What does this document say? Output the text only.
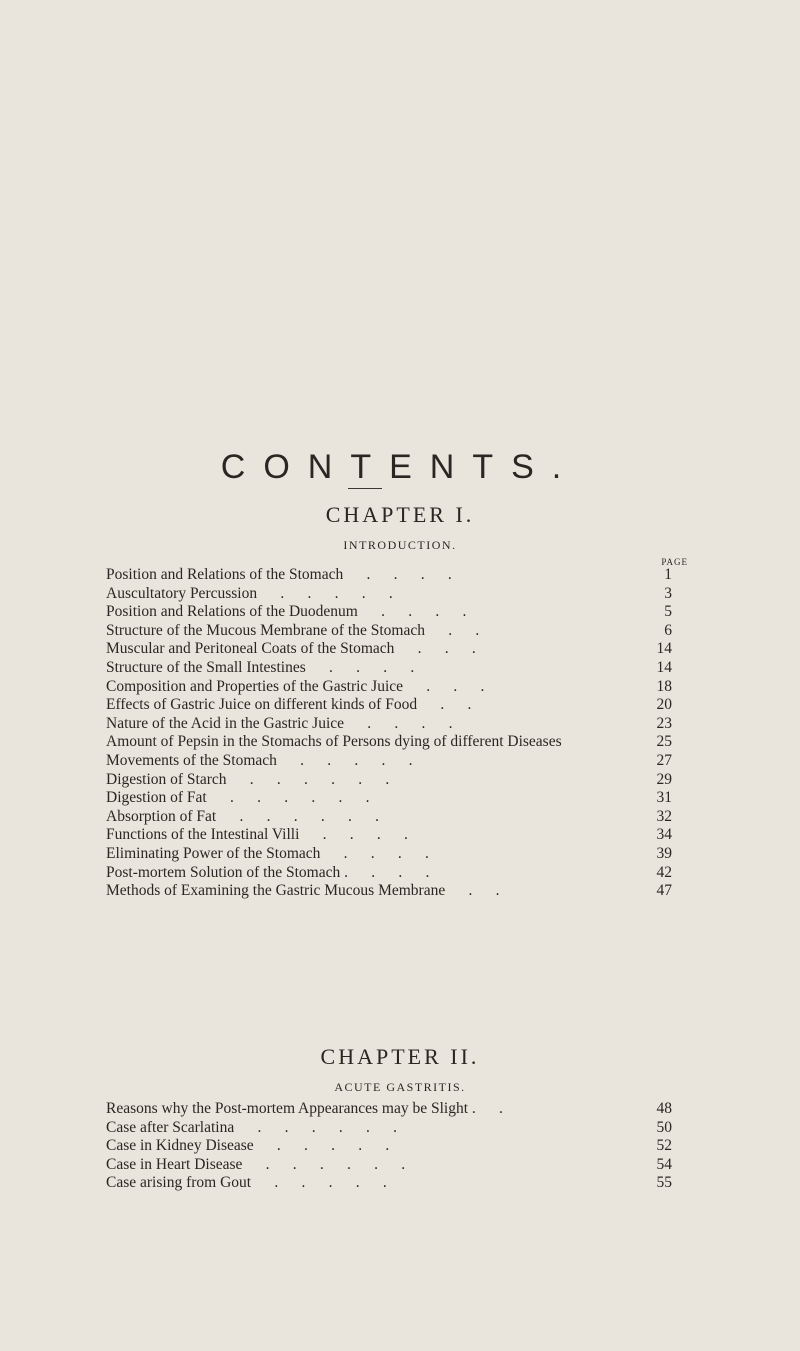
CONTENTS.
CHAPTER I.
INTRODUCTION.
PAGE
Position and Relations of the Stomach      .      .      .      .	1
Auscultatory Percussion      .      .      .      .      .	3
Position and Relations of the Duodenum      .      .      .      .	5
Structure of the Mucous Membrane of the Stomach      .      .	6
Muscular and Peritoneal Coats of the Stomach      .      .      .	14
Structure of the Small Intestines      .      .      .      .	14
Composition and Properties of the Gastric Juice      .      .      .	18
Effects of Gastric Juice on different kinds of Food      .      .	20
Nature of the Acid in the Gastric Juice      .      .      .      .	23
Amount of Pepsin in the Stomachs of Persons dying of different Diseases	25
Movements of the Stomach      .      .      .      .      .	27
Digestion of Starch      .      .      .      .      .      .	29
Digestion of Fat      .      .      .      .      .      .	31
Absorption of Fat      .      .      .      .      .      .	32
Functions of the Intestinal Villi      .      .      .      .	34
Eliminating Power of the Stomach      .      .      .      .	39
Post-mortem Solution of the Stomach .      .      .      .	42
Methods of Examining the Gastric Mucous Membrane      .      .	47
CHAPTER II.
ACUTE GASTRITIS.
Reasons why the Post-mortem Appearances may be Slight .      .	48
Case after Scarlatina      .      .      .      .      .      .	50
Case in Kidney Disease      .      .      .      .      .	52
Case in Heart Disease      .      .      .      .      .      .	54
Case arising from Gout      .      .      .      .      .	55
